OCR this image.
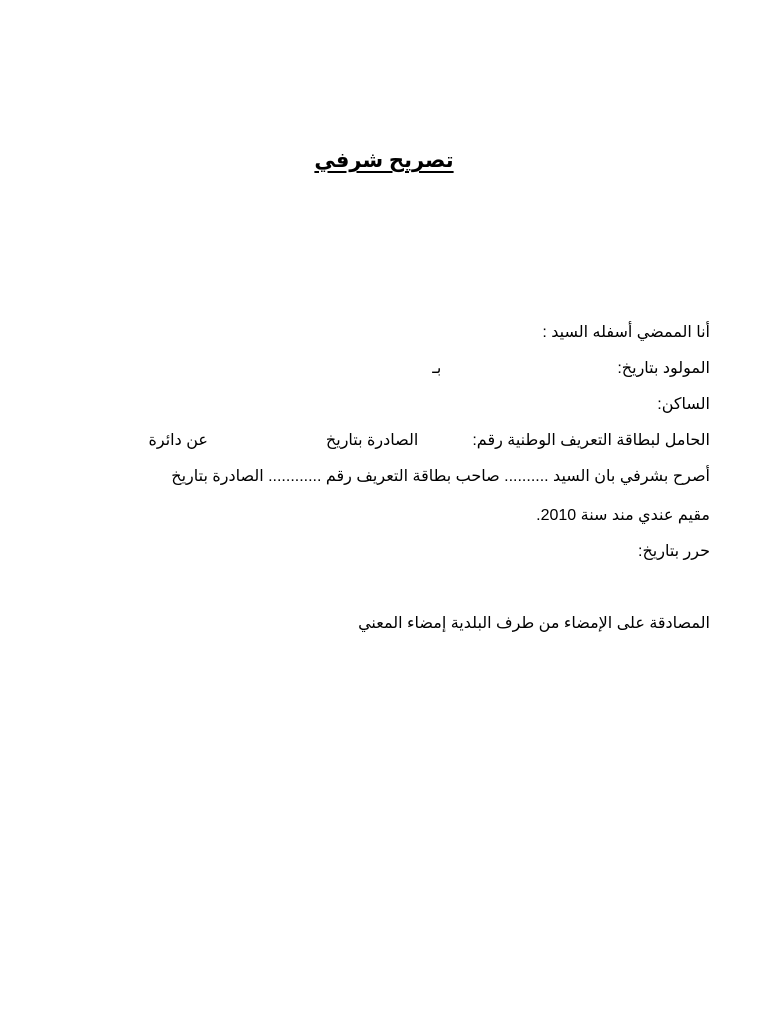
تصريح شرفي
أنا الممضي أسفله السيد :
المولود بتاريخ:بـ
الساكن:
الحامل لبطاقة التعريف الوطنية رقم:الصادرة بتاريخعن دائرة
أصرح بشرفي بان السيد .......... صاحب بطاقة التعريف رقم ............ الصادرة بتاريخ
مقيم عندي مند سنة 2010.
حرر بتاريخ:
المصادقة على الإمضاء من طرف البلدية إمضاء المعني
